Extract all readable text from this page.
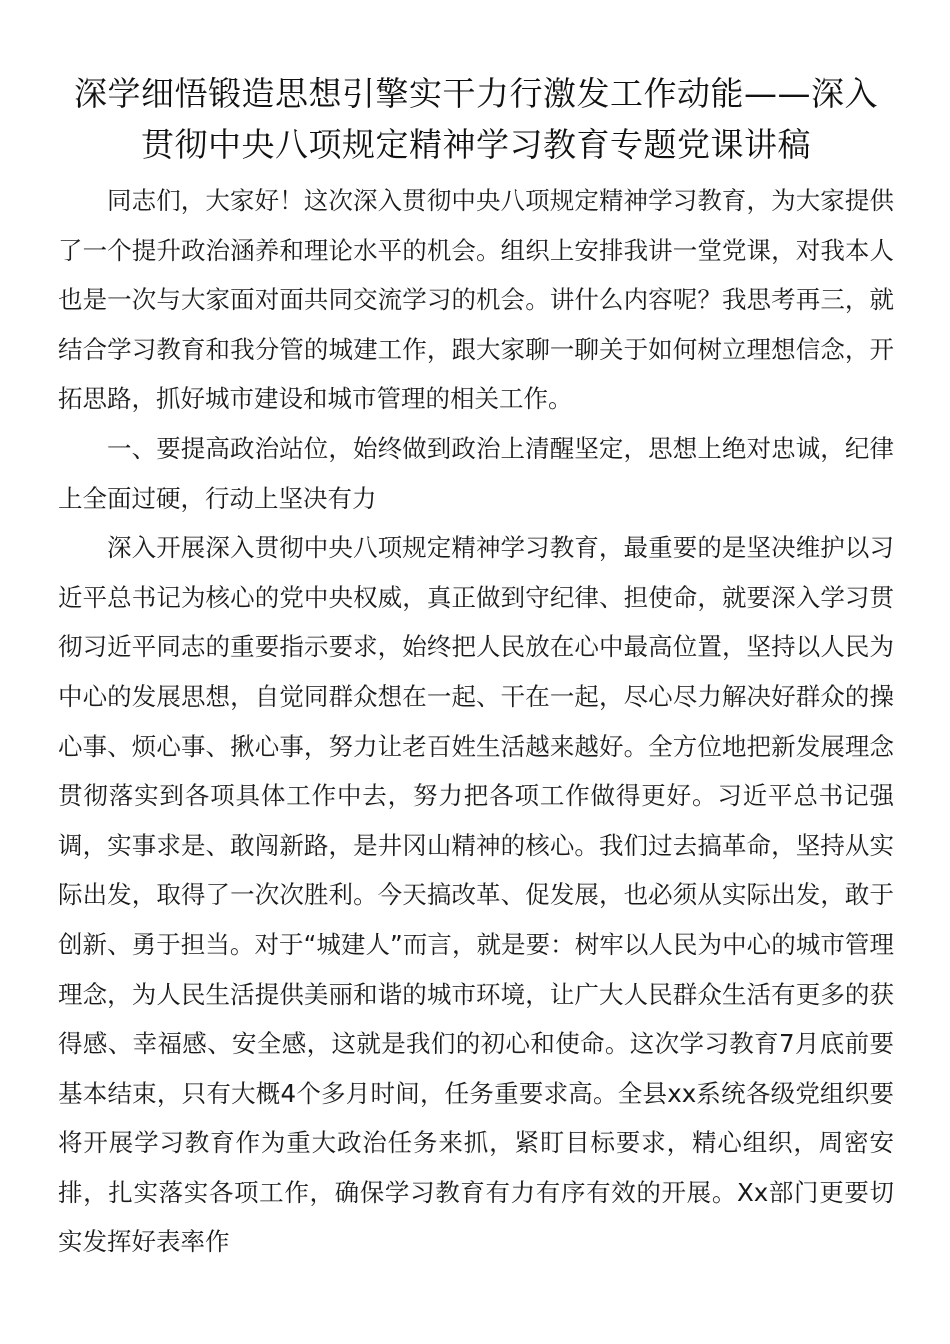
深学细悟锻造思想引擎实干力行激发工作动能——深入贯彻中央八项规定精神学习教育专题党课讲稿

同志们，大家好！这次深入贯彻中央八项规定精神学习教育，为大家提供了一个提升政治涵养和理论水平的机会。组织上安排我讲一堂党课，对我本人也是一次与大家面对面共同交流学习的机会。讲什么内容呢？我思考再三，就结合学习教育和我分管的城建工作，跟大家聊一聊关于如何树立理想信念，开拓思路，抓好城市建设和城市管理的相关工作。

一、要提高政治站位，始终做到政治上清醒坚定，思想上绝对忠诚，纪律上全面过硬，行动上坚决有力

深入开展深入贯彻中央八项规定精神学习教育，最重要的是坚决维护以习近平总书记为核心的党中央权威，真正做到守纪律、担使命，就要深入学习贯彻习近平同志的重要指示要求，始终把人民放在心中最高位置，坚持以人民为中心的发展思想，自觉同群众想在一起、干在一起，尽心尽力解决好群众的操心事、烦心事、揪心事，努力让老百姓生活越来越好。全方位地把新发展理念贯彻落实到各项具体工作中去，努力把各项工作做得更好。习近平总书记强调，实事求是、敢闯新路，是井冈山精神的核心。我们过去搞革命，坚持从实际出发，取得了一次次胜利。今天搞改革、促发展，也必须从实际出发，敢于创新、勇于担当。对于“城建人”而言，就是要：树牢以人民为中心的城市管理理念，为人民生活提供美丽和谐的城市环境，让广大人民群众生活有更多的获得感、幸福感、安全感，这就是我们的初心和使命。这次学习教育7月底前要基本结束，只有大概4个多月时间，任务重要求高。全县xx系统各级党组织要将开展学习教育作为重大政治任务来抓，紧盯目标要求，精心组织，周密安排，扎实落实各项工作，确保学习教育有力有序有效的开展。Xx部门更要切实发挥好表率作
